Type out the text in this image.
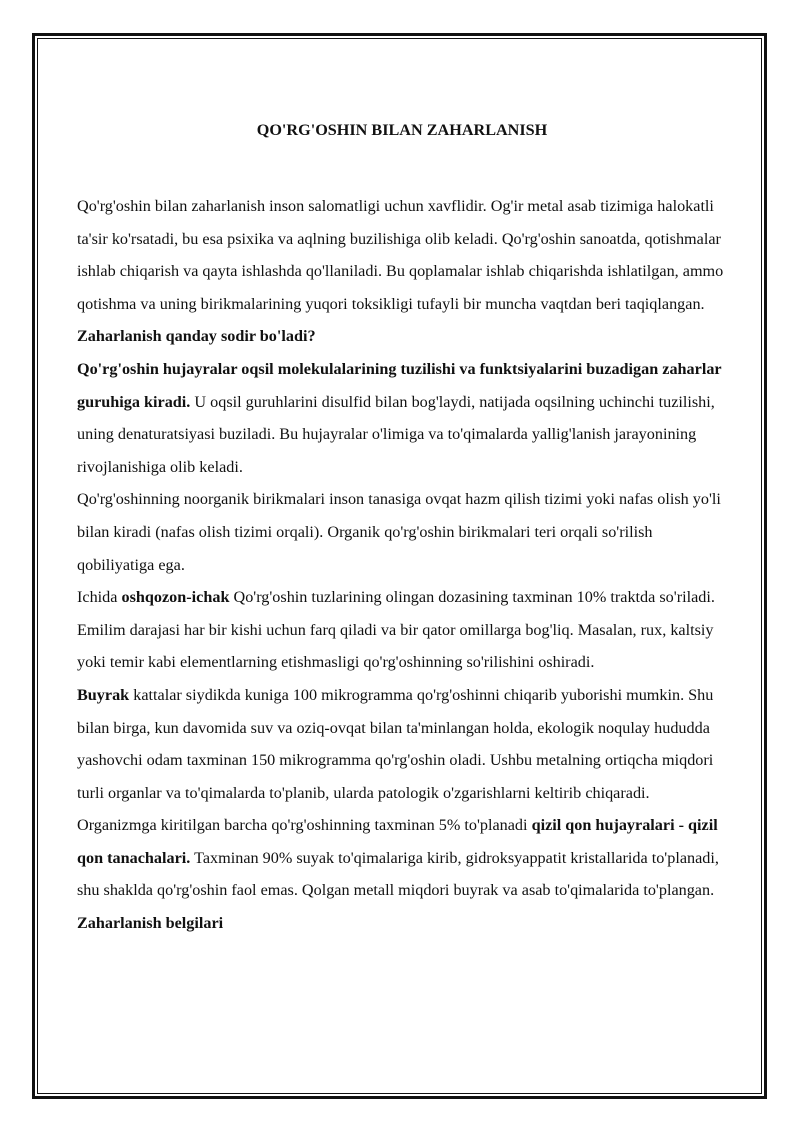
QO'RG'OSHIN BILAN ZAHARLANISH

Qo'rg'oshin bilan zaharlanish inson salomatligi uchun xavflidir. Og'ir metal asab tizimiga halokatli ta'sir ko'rsatadi, bu esa psixika va aqlning buzilishiga olib keladi. Qo'rg'oshin sanoatda, qotishmalar ishlab chiqarish va qayta ishlashda qo'llaniladi. Bu qoplamalar ishlab chiqarishda ishlatilgan, ammo qotishma va uning birikmalarining yuqori toksikligi tufayli bir muncha vaqtdan beri taqiqlangan.

Zaharlanish qanday sodir bo'ladi?

Qo'rg'oshin hujayralar oqsil molekulalarining tuzilishi va funktsiyalarini buzadigan zaharlar guruhiga kiradi. U oqsil guruhlarini disulfid bilan bog'laydi, natijada oqsilning uchinchi tuzilishi, uning denaturatsiyasi buziladi. Bu hujayralar o'limiga va to'qimalarda yallig'lanish jarayonining rivojlanishiga olib keladi.

Qo'rg'oshinning noorganik birikmalari inson tanasiga ovqat hazm qilish tizimi yoki nafas olish yo'li bilan kiradi (nafas olish tizimi orqali). Organik qo'rg'oshin birikmalari teri orqali so'rilish qobiliyatiga ega.

Ichida oshqozon-ichak Qo'rg'oshin tuzlarining olingan dozasining taxminan 10% traktda so'riladi. Emilim darajasi har bir kishi uchun farq qiladi va bir qator omillarga bog'liq. Masalan, rux, kaltsiy yoki temir kabi elementlarning etishmasligi qo'rg'oshinning so'rilishini oshiradi.

Buyrak kattalar siydikda kuniga 100 mikrogramma qo'rg'oshinni chiqarib yuborishi mumkin. Shu bilan birga, kun davomida suv va oziq-ovqat bilan ta'minlangan holda, ekologik noqulay hududda yashovchi odam taxminan 150 mikrogramma qo'rg'oshin oladi. Ushbu metalning ortiqcha miqdori turli organlar va to'qimalarda to'planib, ularda patologik o'zgarishlarni keltirib chiqaradi.

Organizmga kiritilgan barcha qo'rg'oshinning taxminan 5% to'planadi qizil qon hujayralari - qizil qon tanachalari. Taxminan 90% suyak to'qimalariga kirib, gidroksyappatit kristallarida to'planadi, shu shaklda qo'rg'oshin faol emas. Qolgan metall miqdori buyrak va asab to'qimalarida to'plangan.

Zaharlanish belgilari
